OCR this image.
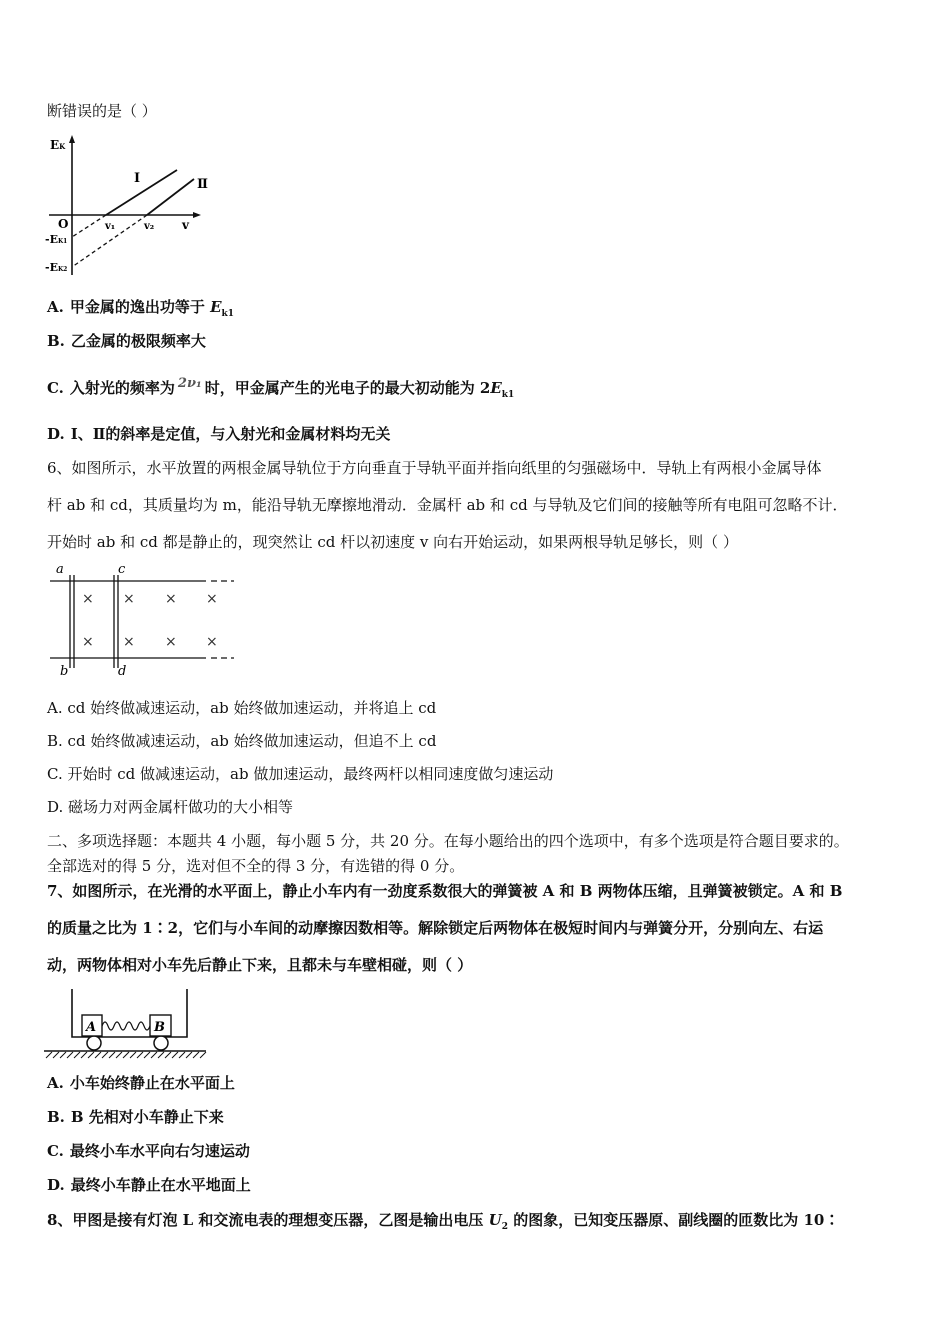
断错误的是（ ）
EK
O	v₁	v₂ v
-EK1
-EK2
Ⅰ	Ⅱ
A. 甲金属的逸出功等于 $E_{k1}$
B. 乙金属的极限频率大
C. 入射光的频率为 2ν₁ 时，甲金属产生的光电子的最大初动能为 $2E_{k1}$
D. Ⅰ、Ⅱ的斜率是定值，与入射光和金属材料均无关
6、如图所示，水平放置的两根金属导轨位于方向垂直于导轨平面并指向纸里的匀强磁场中．导轨上有两根小金属导体
杆 ab 和 cd，其质量均为 m，能沿导轨无摩擦地滑动．金属杆 ab 和 cd 与导轨及它们间的接触等所有电阻可忽略不计．
开始时 ab 和 cd 都是静止的，现突然让 cd 杆以初速度 v 向右开始运动，如果两根导轨足够长，则（ ）
a	c
b	d
× × × ×
× × × ×
A. cd 始终做减速运动，ab 始终做加速运动，并将追上 cd
B. cd 始终做减速运动，ab 始终做加速运动，但追不上 cd
C. 开始时 cd 做减速运动，ab 做加速运动，最终两杆以相同速度做匀速运动
D. 磁场力对两金属杆做功的大小相等
二、多项选择题：本题共 4 小题，每小题 5 分，共 20 分。在每小题给出的四个选项中，有多个选项是符合题目要求的。
全部选对的得 5 分，选对但不全的得 3 分，有选错的得 0 分。
7、如图所示，在光滑的水平面上，静止小车内有一劲度系数很大的弹簧被 A 和 B 两物体压缩，且弹簧被锁定。A 和 B
的质量之比为 1∶2，它们与小车间的动摩擦因数相等。解除锁定后两物体在极短时间内与弹簧分开，分别向左、右运
动，两物体相对小车先后静止下来，且都未与车壁相碰，则（ ）
A	B
A. 小车始终静止在水平面上
B. B 先相对小车静止下来
C. 最终小车水平向右匀速运动
D. 最终小车静止在水平地面上
8、甲图是接有灯泡 L 和交流电表的理想变压器，乙图是输出电压 $U_2$ 的图象，已知变压器原、副线圈的匝数比为 10∶
